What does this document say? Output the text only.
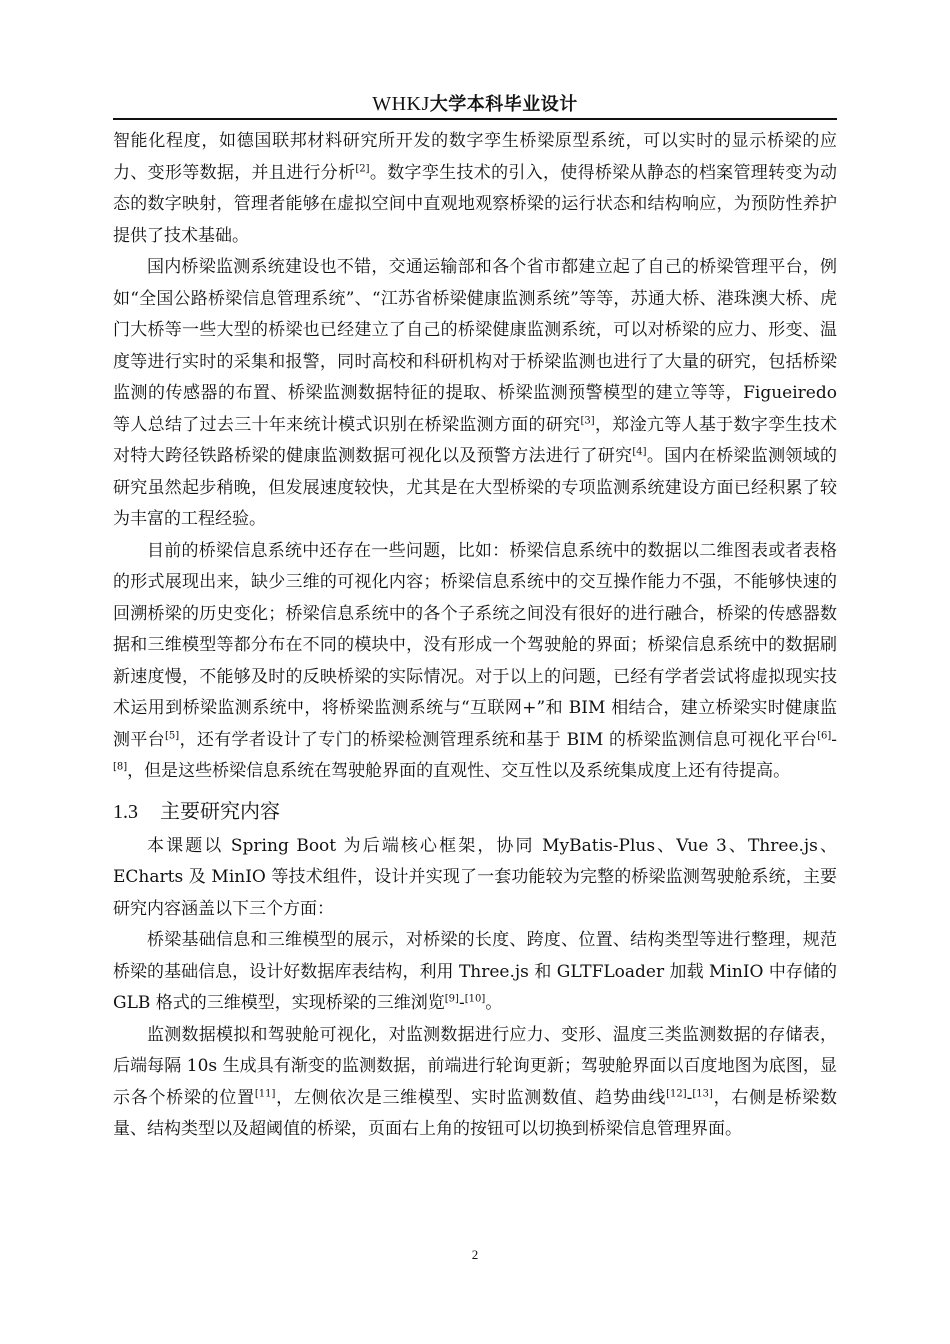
WHKJ大学本科毕业设计

智能化程度，如德国联邦材料研究所开发的数字孪生桥梁原型系统，可以实时的显示桥梁的应力、变形等数据，并且进行分析[2]。数字孪生技术的引入，使得桥梁从静态的档案管理转变为动态的数字映射，管理者能够在虚拟空间中直观地观察桥梁的运行状态和结构响应，为预防性养护提供了技术基础。

国内桥梁监测系统建设也不错，交通运输部和各个省市都建立起了自己的桥梁管理平台，例如“全国公路桥梁信息管理系统”、“江苏省桥梁健康监测系统”等等，苏通大桥、港珠澳大桥、虎门大桥等一些大型的桥梁也已经建立了自己的桥梁健康监测系统，可以对桥梁的应力、形变、温度等进行实时的采集和报警，同时高校和科研机构对于桥梁监测也进行了大量的研究，包括桥梁监测的传感器的布置、桥梁监测数据特征的提取、桥梁监测预警模型的建立等等，Figueiredo 等人总结了过去三十年来统计模式识别在桥梁监测方面的研究[3]，郑淦亢等人基于数字孪生技术对特大跨径铁路桥梁的健康监测数据可视化以及预警方法进行了研究[4]。国内在桥梁监测领域的研究虽然起步稍晚，但发展速度较快，尤其是在大型桥梁的专项监测系统建设方面已经积累了较为丰富的工程经验。

目前的桥梁信息系统中还存在一些问题，比如：桥梁信息系统中的数据以二维图表或者表格的形式展现出来，缺少三维的可视化内容；桥梁信息系统中的交互操作能力不强，不能够快速的回溯桥梁的历史变化；桥梁信息系统中的各个子系统之间没有很好的进行融合，桥梁的传感器数据和三维模型等都分布在不同的模块中，没有形成一个驾驶舱的界面；桥梁信息系统中的数据刷新速度慢，不能够及时的反映桥梁的实际情况。对于以上的问题，已经有学者尝试将虚拟现实技术运用到桥梁监测系统中，将桥梁监测系统与“互联网+”和 BIM 相结合，建立桥梁实时健康监测平台[5]，还有学者设计了专门的桥梁检测管理系统和基于 BIM 的桥梁监测信息可视化平台[6]-[8]，但是这些桥梁信息系统在驾驶舱界面的直观性、交互性以及系统集成度上还有待提高。

1.3 主要研究内容

本课题以 Spring Boot 为后端核心框架，协同 MyBatis-Plus、Vue 3、Three.js、ECharts 及 MinIO 等技术组件，设计并实现了一套功能较为完整的桥梁监测驾驶舱系统，主要研究内容涵盖以下三个方面：

桥梁基础信息和三维模型的展示，对桥梁的长度、跨度、位置、结构类型等进行整理，规范桥梁的基础信息，设计好数据库表结构，利用 Three.js 和 GLTFLoader 加载 MinIO 中存储的 GLB 格式的三维模型，实现桥梁的三维浏览[9]-[10]。

监测数据模拟和驾驶舱可视化，对监测数据进行应力、变形、温度三类监测数据的存储表，后端每隔 10s 生成具有渐变的监测数据，前端进行轮询更新；驾驶舱界面以百度地图为底图，显示各个桥梁的位置[11]，左侧依次是三维模型、实时监测数值、趋势曲线[12]-[13]，右侧是桥梁数量、结构类型以及超阈值的桥梁，页面右上角的按钮可以切换到桥梁信息管理界面。

2
